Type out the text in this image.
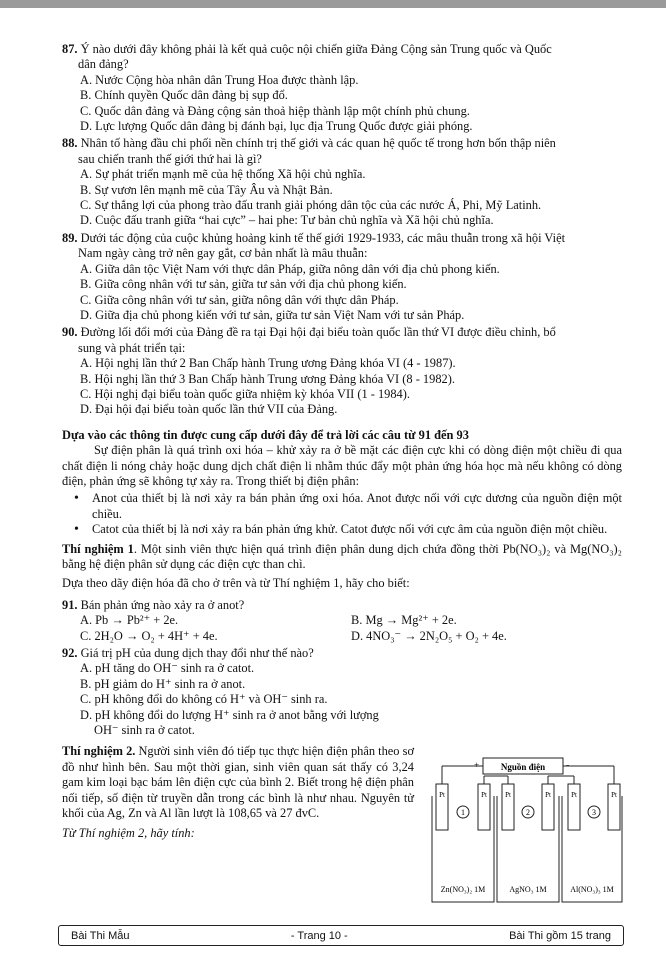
87. Ý nào dưới đây không phải là kết quả cuộc nội chiến giữa Đảng Cộng sản Trung quốc và Quốc
dân đảng?
A. Nước Cộng hòa nhân dân Trung Hoa được thành lập.
B. Chính quyền Quốc dân đảng bị sụp đổ.
C. Quốc dân đảng và Đảng cộng sản thoả hiệp thành lập một chính phủ chung.
D. Lực lượng Quốc dân đảng bị đánh bại, lục địa Trung Quốc được giải phóng.
88. Nhân tố hàng đầu chi phối nền chính trị thế giới và các quan hệ quốc tế trong hơn bốn thập niên
sau chiến tranh thế giới thứ hai là gì?
A. Sự phát triển mạnh mẽ của hệ thống Xã hội chủ nghĩa.
B. Sự vươn lên mạnh mẽ của Tây Âu và Nhật Bản.
C. Sự thắng lợi của phong trào đấu tranh giải phóng dân tộc của các nước Á, Phi, Mỹ Latinh.
D. Cuộc đấu tranh giữa “hai cực” – hai phe: Tư bản chủ nghĩa và Xã hội chủ nghĩa.
89. Dưới tác động của cuộc khủng hoảng kinh tế thế giới 1929-1933, các mâu thuẫn trong xã hội Việt
Nam ngày càng trở nên gay gắt, cơ bản nhất là mâu thuẫn:
A. Giữa dân tộc Việt Nam với thực dân Pháp, giữa nông dân với địa chủ phong kiến.
B. Giữa công nhân với tư sản, giữa tư sản với địa chủ phong kiến.
C. Giữa công nhân với tư sản, giữa nông dân với thực dân Pháp.
D. Giữa địa chủ phong kiến với tư sản, giữa tư sản Việt Nam với tư sản Pháp.
90. Đường lối đổi mới của Đảng đề ra tại Đại hội đại biểu toàn quốc lần thứ VI được điều chỉnh, bổ
sung và phát triển tại:
A. Hội nghị lần thứ 2 Ban Chấp hành Trung ương Đảng khóa VI (4 - 1987).
B. Hội nghị lần thứ 3 Ban Chấp hành Trung ương Đảng khóa VI (8 - 1982).
C. Hội nghị đại biểu toàn quốc giữa nhiệm kỳ khóa VII (1 - 1984).
D. Đại hội đại biểu toàn quốc lần thứ VII của Đảng.
Dựa vào các thông tin được cung cấp dưới đây để trả lời các câu từ 91 đến 93
Sự điện phân là quá trình oxi hóa – khử xảy ra ở bề mặt các điện cực khi có dòng điện một chiều đi qua chất điện li nóng chảy hoặc dung dịch chất điện li nhằm thúc đẩy một phản ứng hóa học mà nếu không có dòng điện, phản ứng sẽ không tự xảy ra. Trong thiết bị điện phân:
• Anot của thiết bị là nơi xảy ra bán phản ứng oxi hóa. Anot được nối với cực dương của nguồn điện một chiều.
• Catot của thiết bị là nơi xảy ra bán phản ứng khử. Catot được nối với cực âm của nguồn điện một chiều.
Thí nghiệm 1. Một sinh viên thực hiện quá trình điện phân dung dịch chứa đồng thời Pb(NO₃)₂ và Mg(NO₃)₂ bằng hệ điện phân sử dụng các điện cực than chì.
Dựa theo dãy điện hóa đã cho ở trên và từ Thí nghiệm 1, hãy cho biết:
91. Bán phản ứng nào xảy ra ở anot?
A. Pb → Pb²⁺ + 2e.	B. Mg → Mg²⁺ + 2e.
C. 2H₂O → O₂ + 4H⁺ + 4e.	D. 4NO₃⁻ → 2N₂O₅ + O₂ + 4e.
92. Giá trị pH của dung dịch thay đổi như thế nào?
A. pH tăng do OH⁻ sinh ra ở catot.
B. pH giảm do H⁺ sinh ra ở anot.
C. pH không đổi do không có H⁺ và OH⁻ sinh ra.
D. pH không đổi do lượng H⁺ sinh ra ở anot bằng với lượng
OH⁻ sinh ra ở catot.
Thí nghiệm 2. Người sinh viên đó tiếp tục thực hiện điện phân theo sơ đồ như hình bên. Sau một thời gian, sinh viên quan sát thấy có 3,24 gam kim loại bạc bám lên điện cực của bình 2. Biết trong hệ điện phân nối tiếp, số điện từ truyền dẫn trong các bình là như nhau. Nguyên tử khối của Ag, Zn và Al lần lượt là 108,65 và 27 đvC.
Từ Thí nghiệm 2, hãy tính:
Nguồn điện
+	-
Pt	Pt
1
Zn(NO₃)₂ 1M
Pt	Pt
2
AgNO₃ 1M
Pt	Pt
3
Al(NO₃)₃ 1M
Bài Thi Mẫu	- Trang 10 -	Bài Thi gồm 15 trang
